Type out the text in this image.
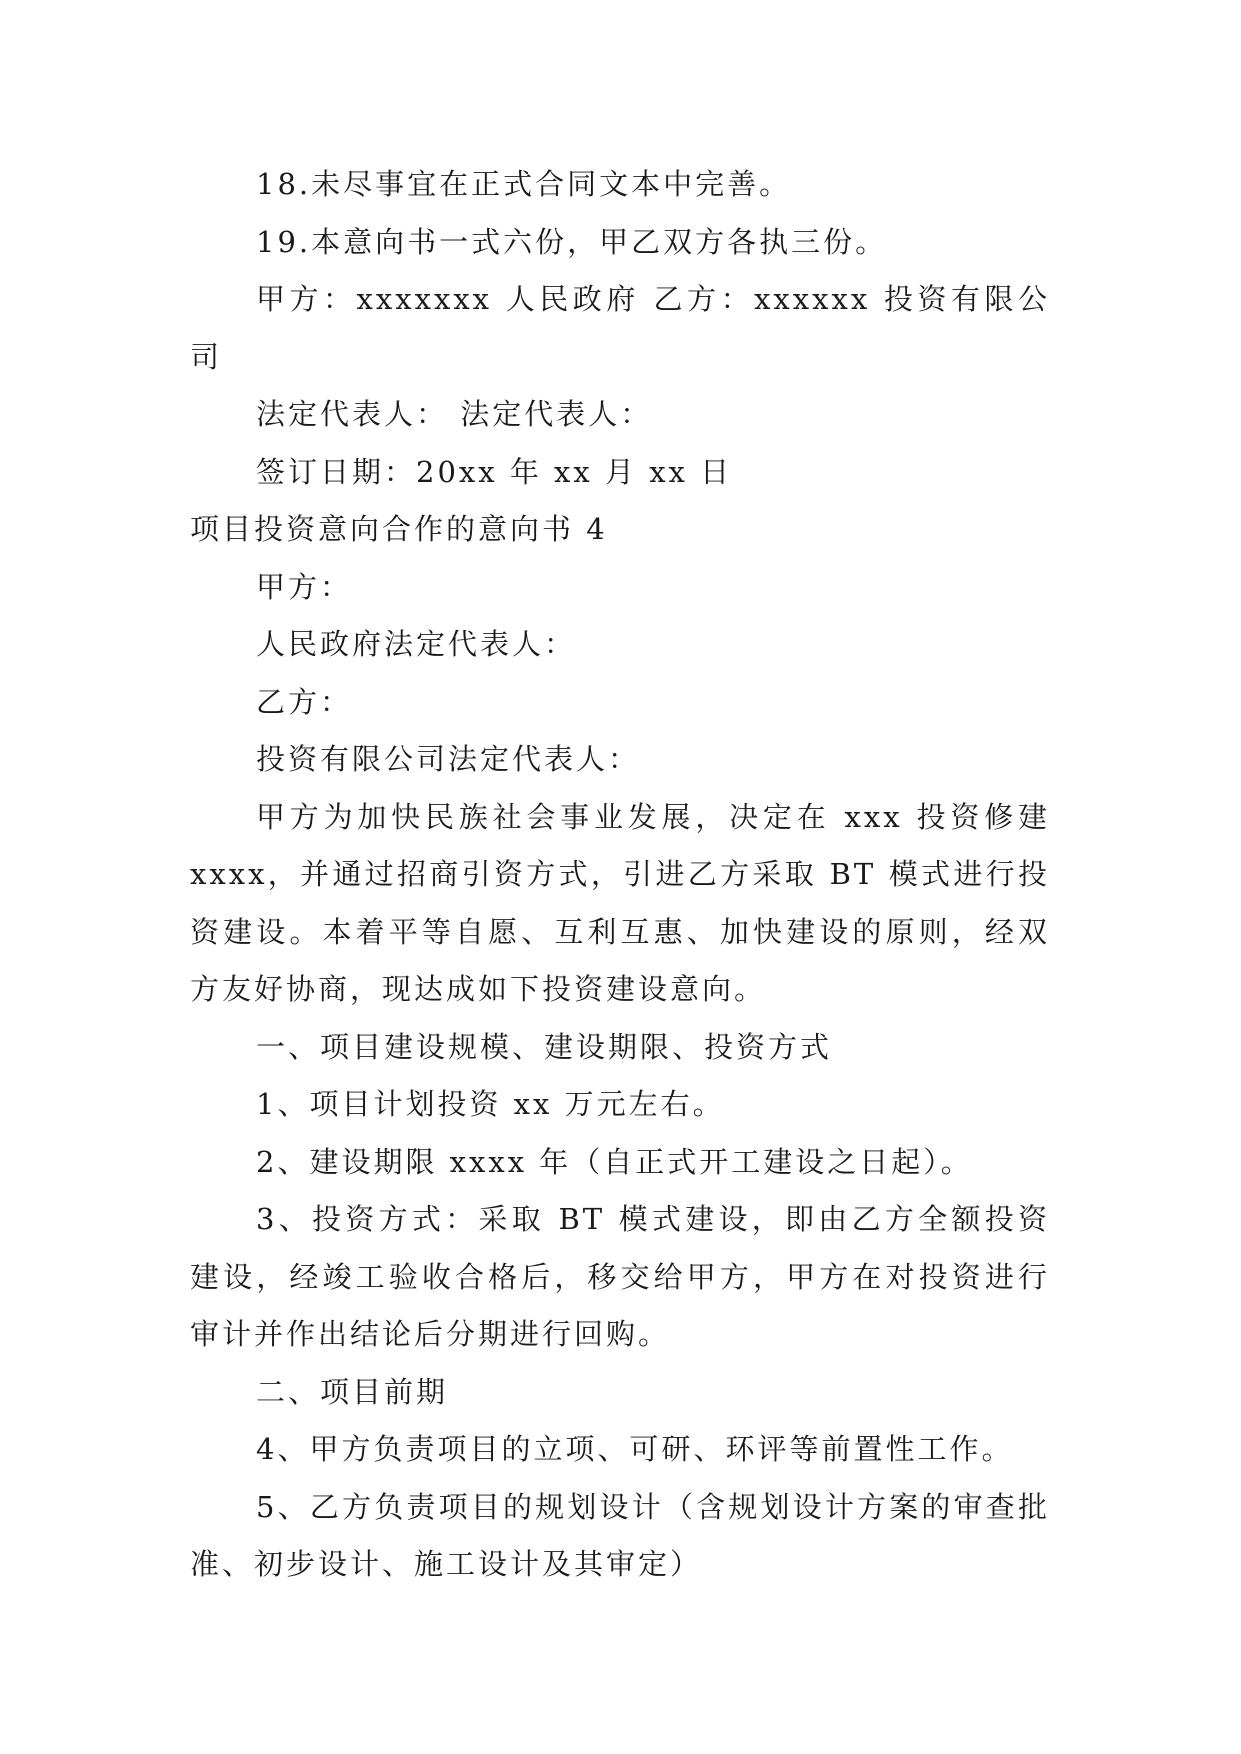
18.未尽事宜在正式合同文本中完善。

19.本意向书一式六份，甲乙双方各执三份。

甲方：xxxxxxx 人民政府 乙方：xxxxxx 投资有限公司

法定代表人： 法定代表人：

签订日期：20xx 年 xx 月 xx 日

项目投资意向合作的意向书 4

甲方：

人民政府法定代表人：

乙方：

投资有限公司法定代表人：

甲方为加快民族社会事业发展，决定在 xxx 投资修建 xxxx，并通过招商引资方式，引进乙方采取 BT 模式进行投资建设。本着平等自愿、互利互惠、加快建设的原则，经双方友好协商，现达成如下投资建设意向。

一、项目建设规模、建设期限、投资方式

1、项目计划投资 xx 万元左右。

2、建设期限 xxxx 年（自正式开工建设之日起）。

3、投资方式：采取 BT 模式建设，即由乙方全额投资建设，经竣工验收合格后，移交给甲方，甲方在对投资进行审计并作出结论后分期进行回购。

二、项目前期

4、甲方负责项目的立项、可研、环评等前置性工作。

5、乙方负责项目的规划设计（含规划设计方案的审查批准、初步设计、施工设计及其审定）
